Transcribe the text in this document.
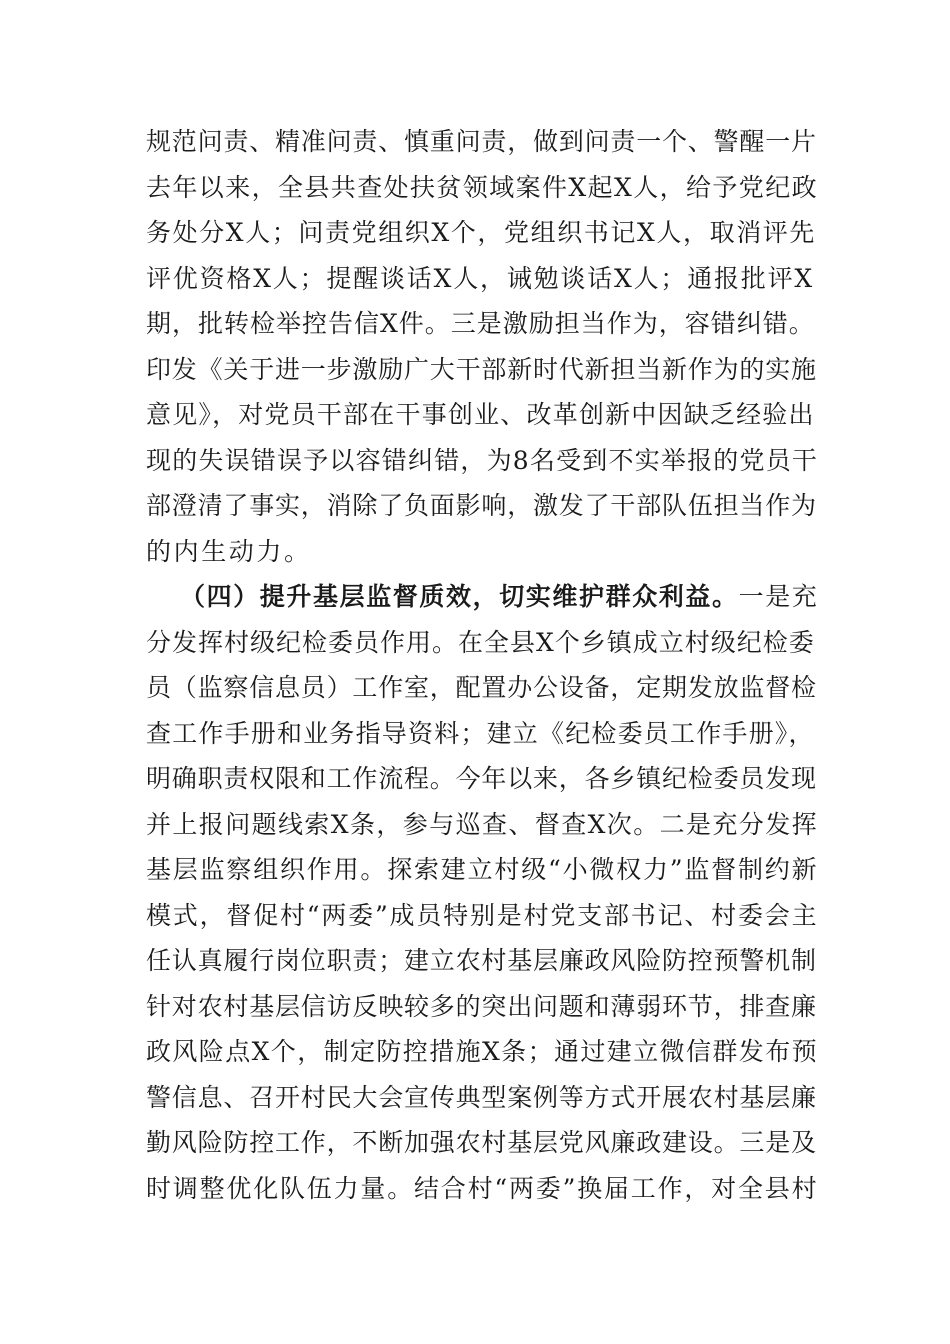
规范问责、精准问责、慎重问责，做到问责一个、警醒一片
去年以来，全县共查处扶贫领域案件X起X人，给予党纪政
务处分X人；问责党组织X个，党组织书记X人，取消评先
评优资格X人；提醒谈话X人，诫勉谈话X人；通报批评X
期，批转检举控告信X件。三是激励担当作为，容错纠错。
印发《关于进一步激励广大干部新时代新担当新作为的实施
意见》，对党员干部在干事创业、改革创新中因缺乏经验出
现的失误错误予以容错纠错，为8名受到不实举报的党员干
部澄清了事实，消除了负面影响，激发了干部队伍担当作为
的内生动力。
（四）提升基层监督质效，切实维护群众利益。一是充
分发挥村级纪检委员作用。在全县X个乡镇成立村级纪检委
员（监察信息员）工作室，配置办公设备，定期发放监督检
查工作手册和业务指导资料；建立《纪检委员工作手册》，
明确职责权限和工作流程。今年以来，各乡镇纪检委员发现
并上报问题线索X条，参与巡查、督查X次。二是充分发挥
基层监察组织作用。探索建立村级“小微权力”监督制约新
模式，督促村“两委”成员特别是村党支部书记、村委会主
任认真履行岗位职责；建立农村基层廉政风险防控预警机制
针对农村基层信访反映较多的突出问题和薄弱环节，排查廉
政风险点X个，制定防控措施X条；通过建立微信群发布预
警信息、召开村民大会宣传典型案例等方式开展农村基层廉
勤风险防控工作，不断加强农村基层党风廉政建设。三是及
时调整优化队伍力量。结合村“两委”换届工作，对全县村
